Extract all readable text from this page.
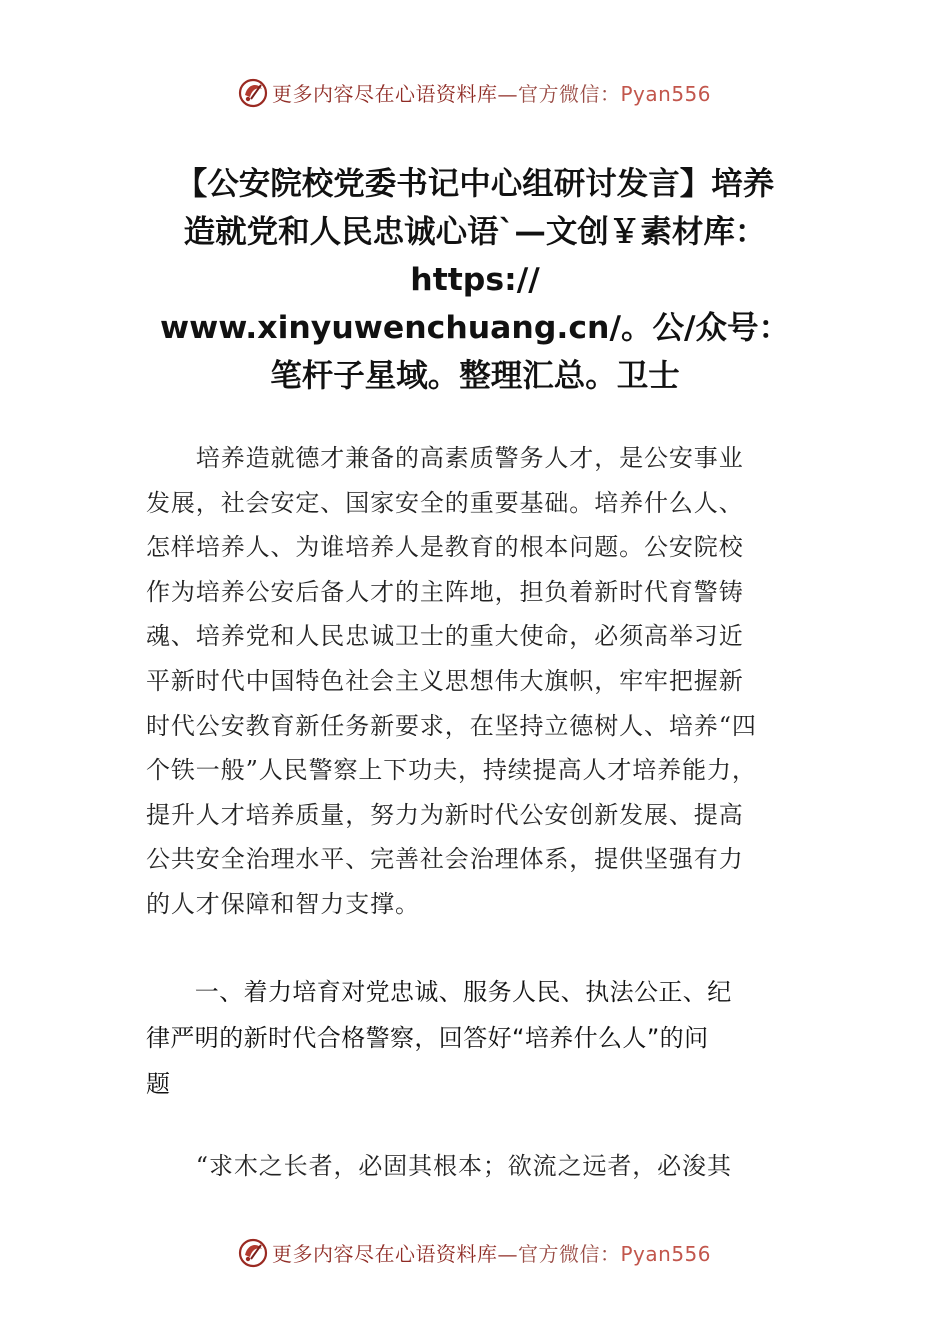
更多内容尽在心语资料库—官方微信：Pyan556
【公安院校党委书记中心组研讨发言】培养
造就党和人民忠诚心语`—文创￥素材库：
https://
www.xinyuwenchuang.cn/。公/众号：
笔杆子星域。整理汇总。卫士
　　培养造就德才兼备的高素质警务人才，是公安事业
发展，社会安定、国家安全的重要基础。培养什么人、
怎样培养人、为谁培养人是教育的根本问题。公安院校
作为培养公安后备人才的主阵地，担负着新时代育警铸
魂、培养党和人民忠诚卫士的重大使命，必须高举习近
平新时代中国特色社会主义思想伟大旗帜，牢牢把握新
时代公安教育新任务新要求，在坚持立德树人、培养“四
个铁一般”人民警察上下功夫，持续提高人才培养能力，
提升人才培养质量，努力为新时代公安创新发展、提高
公共安全治理水平、完善社会治理体系，提供坚强有力
的人才保障和智力支撑。
　　一、着力培育对党忠诚、服务人民、执法公正、纪
律严明的新时代合格警察，回答好“培养什么人”的问
题
　　“求木之长者，必固其根本；欲流之远者，必浚其
更多内容尽在心语资料库—官方微信：Pyan556
